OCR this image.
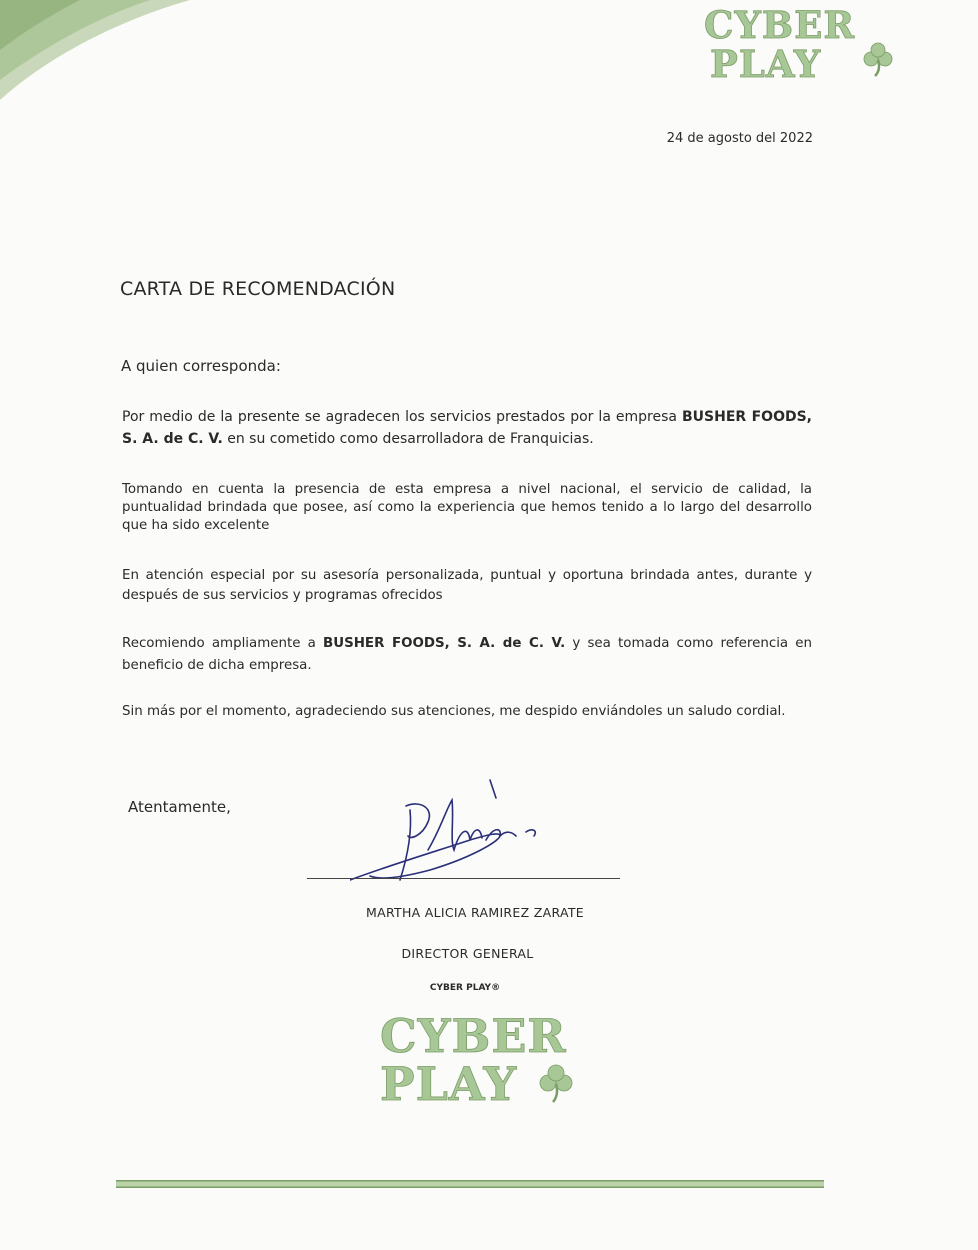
CYBER
PLAY
24 de agosto del 2022
CARTA DE RECOMENDACIÓN
A quien corresponda:
Por medio de la presente se agradecen los servicios prestados por la empresa BUSHER FOODS, S. A. de C. V. en su cometido como desarrolladora de Franquicias.
Tomando en cuenta la presencia de esta empresa a nivel nacional, el servicio de calidad, la puntualidad brindada que posee, así como la experiencia que hemos tenido a lo largo del desarrollo que ha sido excelente
En atención especial por su asesoría personalizada, puntual y oportuna brindada antes, durante y después de sus servicios y programas ofrecidos
Recomiendo ampliamente a BUSHER FOODS, S. A. de C. V. y sea tomada como referencia en beneficio de dicha empresa.
Sin más por el momento, agradeciendo sus atenciones, me despido enviándoles un saludo cordial.
Atentamente,
MARTHA ALICIA RAMIREZ ZARATE
DIRECTOR GENERAL
CYBER PLAY®
CYBER
PLAY
